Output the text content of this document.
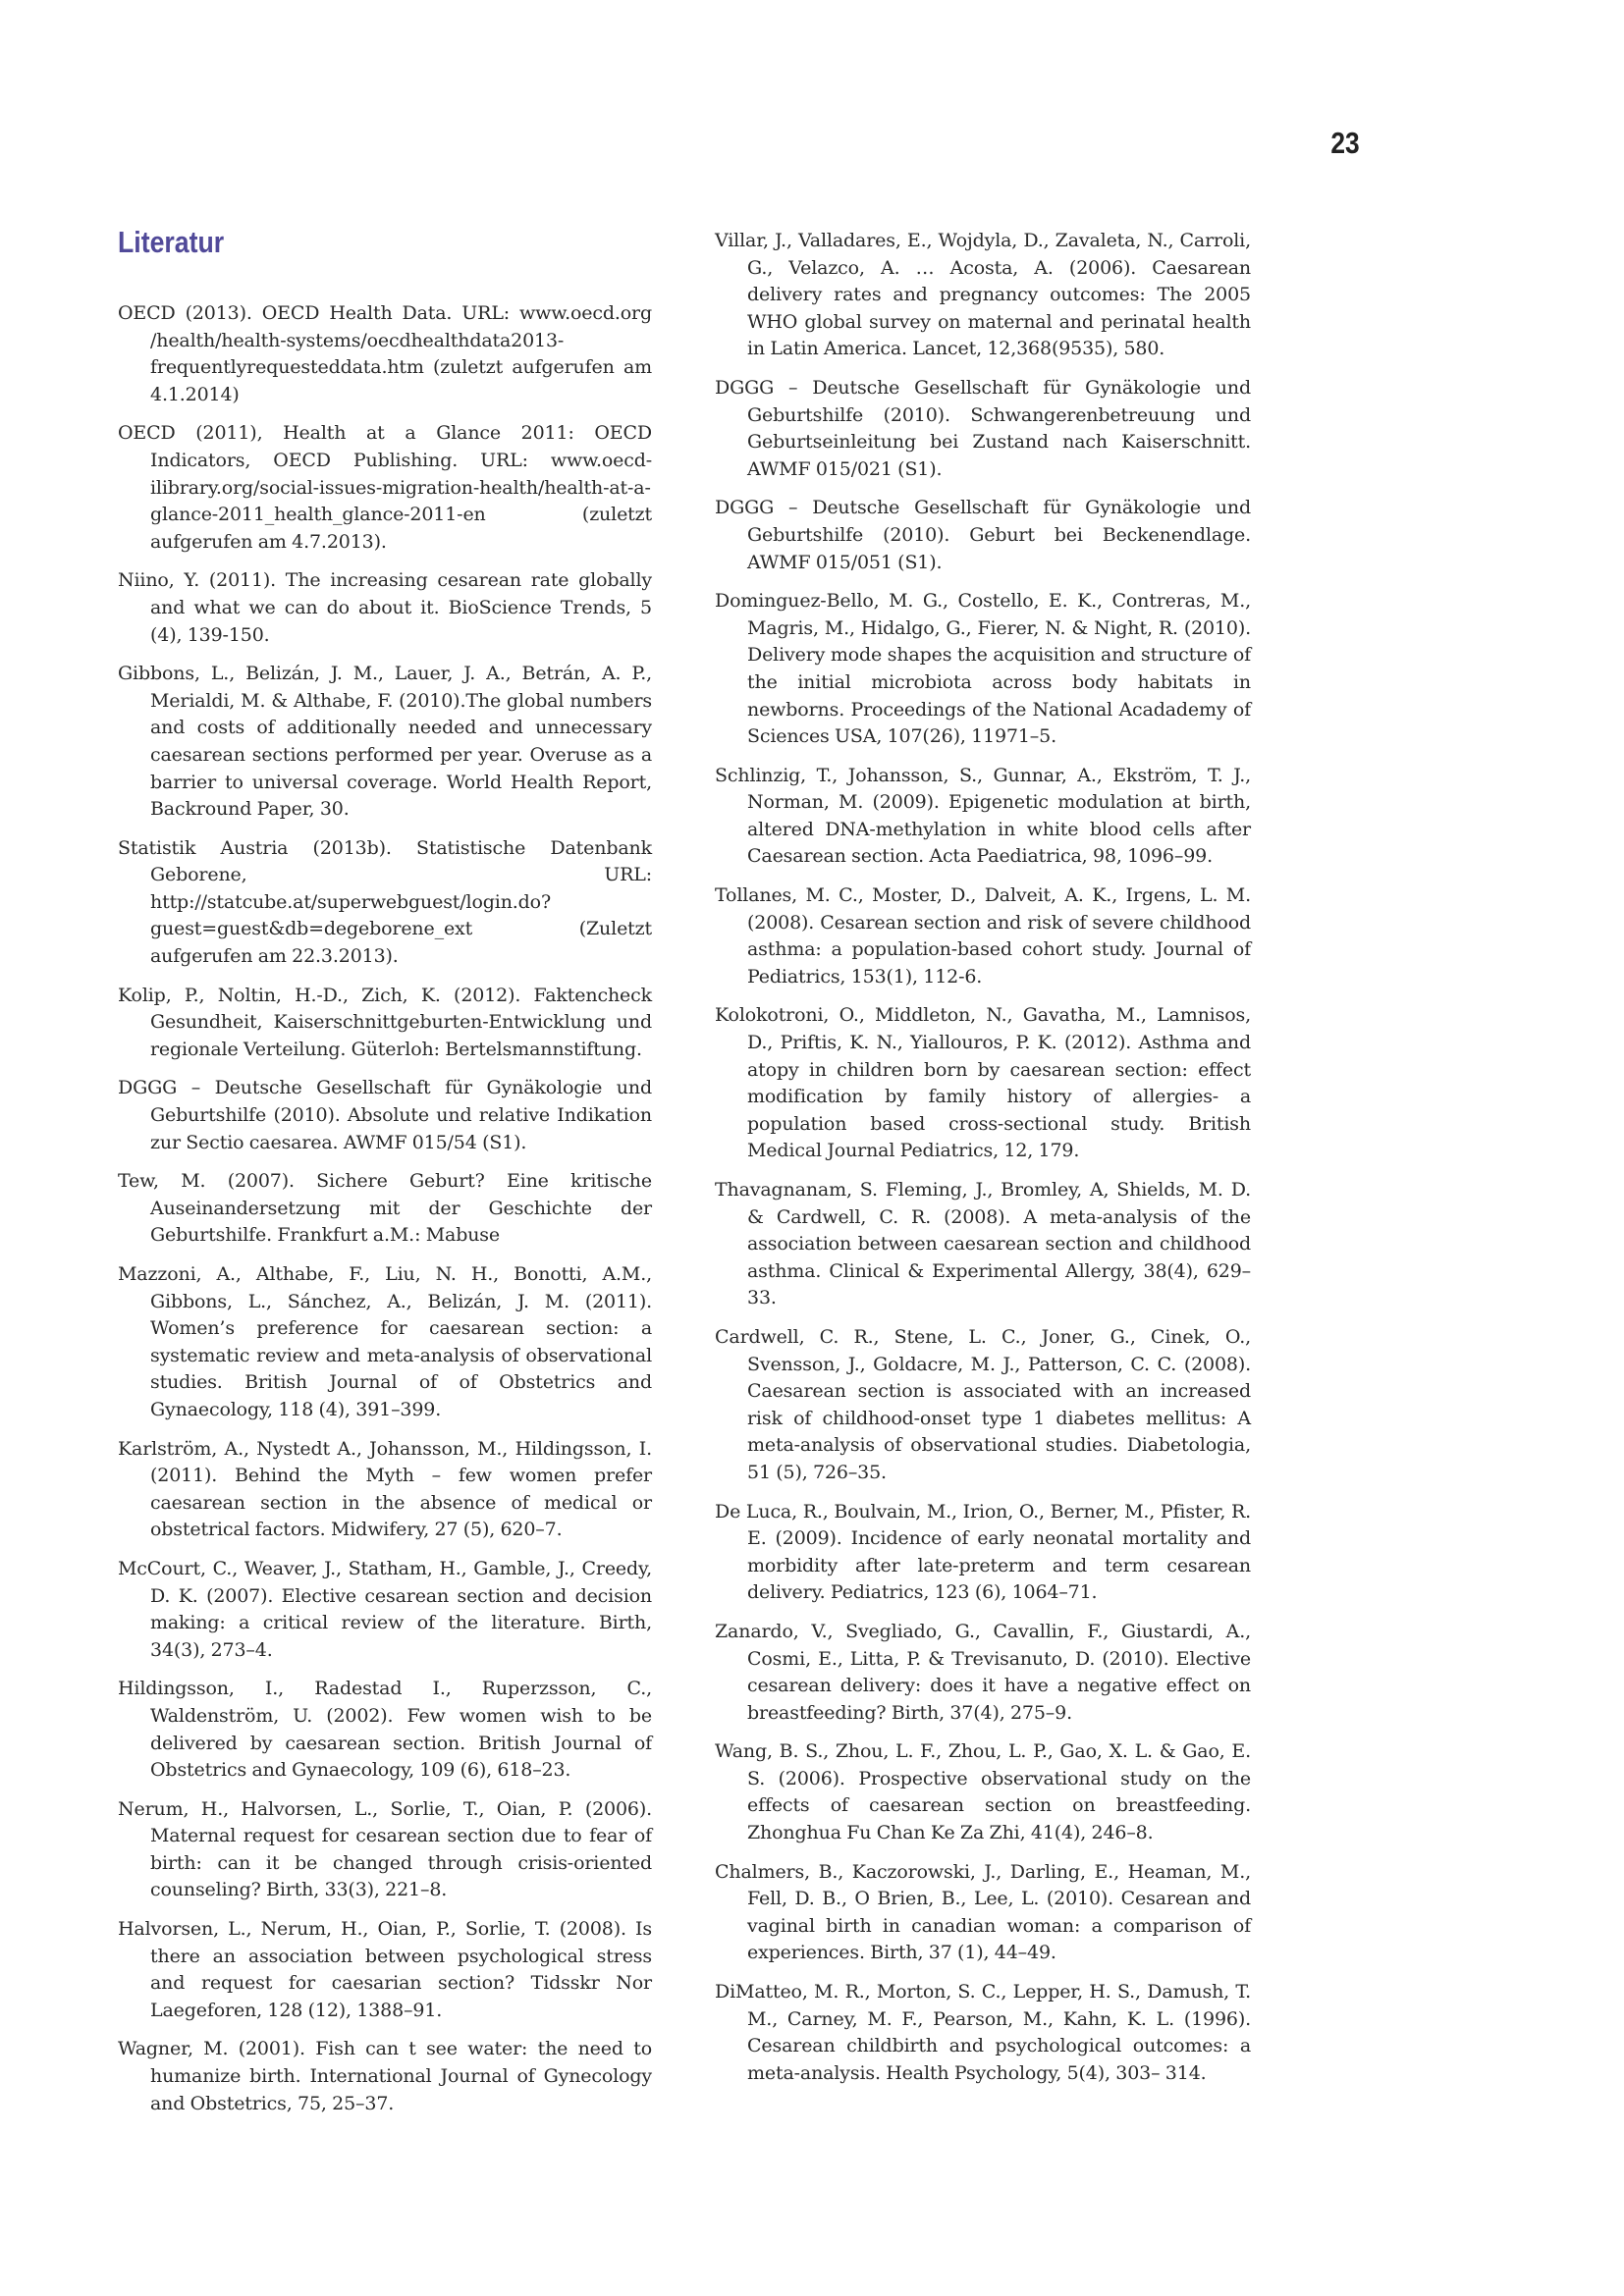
23
Literatur
OECD (2013). OECD Health Data. URL: www.oecd.org /health/health-systems/oecdhealthdata2013-frequentlyrequesteddata.htm (zuletzt aufgerufen am 4.1.2014)
OECD (2011), Health at a Glance 2011: OECD Indicators, OECD Publishing. URL: www.oecd-ilibrary.org/social-issues-migration-health/health-at-a-glance-2011_health_glance-2011-en (zuletzt aufgerufen am 4.7.2013).
Niino, Y. (2011). The increasing cesarean rate globally and what we can do about it. BioScience Trends, 5 (4), 139-150.
Gibbons, L., Belizán, J. M., Lauer, J. A., Betrán, A. P., Merialdi, M. & Althabe, F. (2010).The global numbers and costs of additionally needed and unnecessary caesarean sections performed per year. Overuse as a barrier to universal coverage. World Health Report, Backround Paper, 30.
Statistik Austria (2013b). Statistische Datenbank Geborene, URL: http://statcube.at/superwebguest/login.do?guest=guest&db=degeborene_ext (Zuletzt aufgerufen am 22.3.2013).
Kolip, P., Noltin, H.-D., Zich, K. (2012). Faktencheck Gesundheit, Kaiserschnittgeburten-Entwicklung und regionale Verteilung. Güterloh: Bertelsmannstiftung.
DGGG – Deutsche Gesellschaft für Gynäkologie und Geburtshilfe (2010). Absolute und relative Indikation zur Sectio caesarea. AWMF 015/54 (S1).
Tew, M. (2007). Sichere Geburt? Eine kritische Auseinandersetzung mit der Geschichte der Geburtshilfe. Frankfurt a.M.: Mabuse
Mazzoni, A., Althabe, F., Liu, N. H., Bonotti, A.M., Gibbons, L., Sánchez, A., Belizán, J. M. (2011). Women’s preference for caesarean section: a systematic review and meta-analysis of observational studies. British Journal of of Obstetrics and Gynaecology, 118 (4), 391–399.
Karlström, A., Nystedt A., Johansson, M., Hildingsson, I. (2011). Behind the Myth – few women prefer caesarean section in the absence of medical or obstetrical factors. Midwifery, 27 (5), 620–7.
McCourt, C., Weaver, J., Statham, H., Gamble, J., Creedy, D. K. (2007). Elective cesarean section and decision making: a critical review of the literature. Birth, 34(3), 273–4.
Hildingsson, I., Radestad I., Ruperzsson, C., Waldenström, U. (2002). Few women wish to be delivered by caesarean section. British Journal of Obstetrics and Gynaecology, 109 (6), 618–23.
Nerum, H., Halvorsen, L., Sorlie, T., Oian, P. (2006). Maternal request for cesarean section due to fear of birth: can it be changed through crisis-oriented counseling? Birth, 33(3), 221–8.
Halvorsen, L., Nerum, H., Oian, P., Sorlie, T. (2008). Is there an association between psychological stress and request for caesarian section? Tidsskr Nor Laegeforen, 128 (12), 1388–91.
Wagner, M. (2001). Fish can t see water: the need to humanize birth. International Journal of Gynecology and Obstetrics, 75, 25–37.
Villar, J., Valladares, E., Wojdyla, D., Zavaleta, N., Carroli, G., Velazco, A. … Acosta, A. (2006). Caesarean delivery rates and pregnancy outcomes: The 2005 WHO global survey on maternal and perinatal health in Latin America. Lancet, 12,368(9535), 580.
DGGG – Deutsche Gesellschaft für Gynäkologie und Geburtshilfe (2010). Schwangerenbetreuung und Geburtseinleitung bei Zustand nach Kaiserschnitt. AWMF 015/021 (S1).
DGGG – Deutsche Gesellschaft für Gynäkologie und Geburtshilfe (2010). Geburt bei Beckenendlage. AWMF 015/051 (S1).
Dominguez-Bello, M. G., Costello, E. K., Contreras, M., Magris, M., Hidalgo, G., Fierer, N. & Night, R. (2010). Delivery mode shapes the acquisition and structure of the initial microbiota across body habitats in newborns. Proceedings of the National Acadademy of Sciences USA, 107(26), 11971–5.
Schlinzig, T., Johansson, S., Gunnar, A., Ekström, T. J., Norman, M. (2009). Epigenetic modulation at birth, altered DNA-methylation in white blood cells after Caesarean section. Acta Paediatrica, 98, 1096–99.
Tollanes, M. C., Moster, D., Dalveit, A. K., Irgens, L. M. (2008). Cesarean section and risk of severe childhood asthma: a population-based cohort study. Journal of Pediatrics, 153(1), 112-6.
Kolokotroni, O., Middleton, N., Gavatha, M., Lamnisos, D., Priftis, K. N., Yiallouros, P. K. (2012). Asthma and atopy in children born by caesarean section: effect modification by family history of allergies- a population based cross-sectional study. British Medical Journal Pediatrics, 12, 179.
Thavagnanam, S. Fleming, J., Bromley, A, Shields, M. D. & Cardwell, C. R. (2008). A meta-analysis of the association between caesarean section and childhood asthma. Clinical & Experimental Allergy, 38(4), 629–33.
Cardwell, C. R., Stene, L. C., Joner, G., Cinek, O., Svensson, J., Goldacre, M. J., Patterson, C. C. (2008). Caesarean section is associated with an increased risk of childhood-onset type 1 diabetes mellitus: A meta-analysis of observational studies. Diabetologia, 51 (5), 726–35.
De Luca, R., Boulvain, M., Irion, O., Berner, M., Pfister, R. E. (2009). Incidence of early neonatal mortality and morbidity after late-preterm and term cesarean delivery. Pediatrics, 123 (6), 1064–71.
Zanardo, V., Svegliado, G., Cavallin, F., Giustardi, A., Cosmi, E., Litta, P. & Trevisanuto, D. (2010). Elective cesarean delivery: does it have a negative effect on breastfeeding? Birth, 37(4), 275–9.
Wang, B. S., Zhou, L. F., Zhou, L. P., Gao, X. L. & Gao, E. S. (2006). Prospective observational study on the effects of caesarean section on breastfeeding. Zhonghua Fu Chan Ke Za Zhi, 41(4), 246–8.
Chalmers, B., Kaczorowski, J., Darling, E., Heaman, M., Fell, D. B., O Brien, B., Lee, L. (2010). Cesarean and vaginal birth in canadian woman: a comparison of experiences. Birth, 37 (1), 44–49.
DiMatteo, M. R., Morton, S. C., Lepper, H. S., Damush, T. M., Carney, M. F., Pearson, M., Kahn, K. L. (1996). Cesarean childbirth and psychological outcomes: a meta-analysis. Health Psychology, 5(4), 303– 314.
